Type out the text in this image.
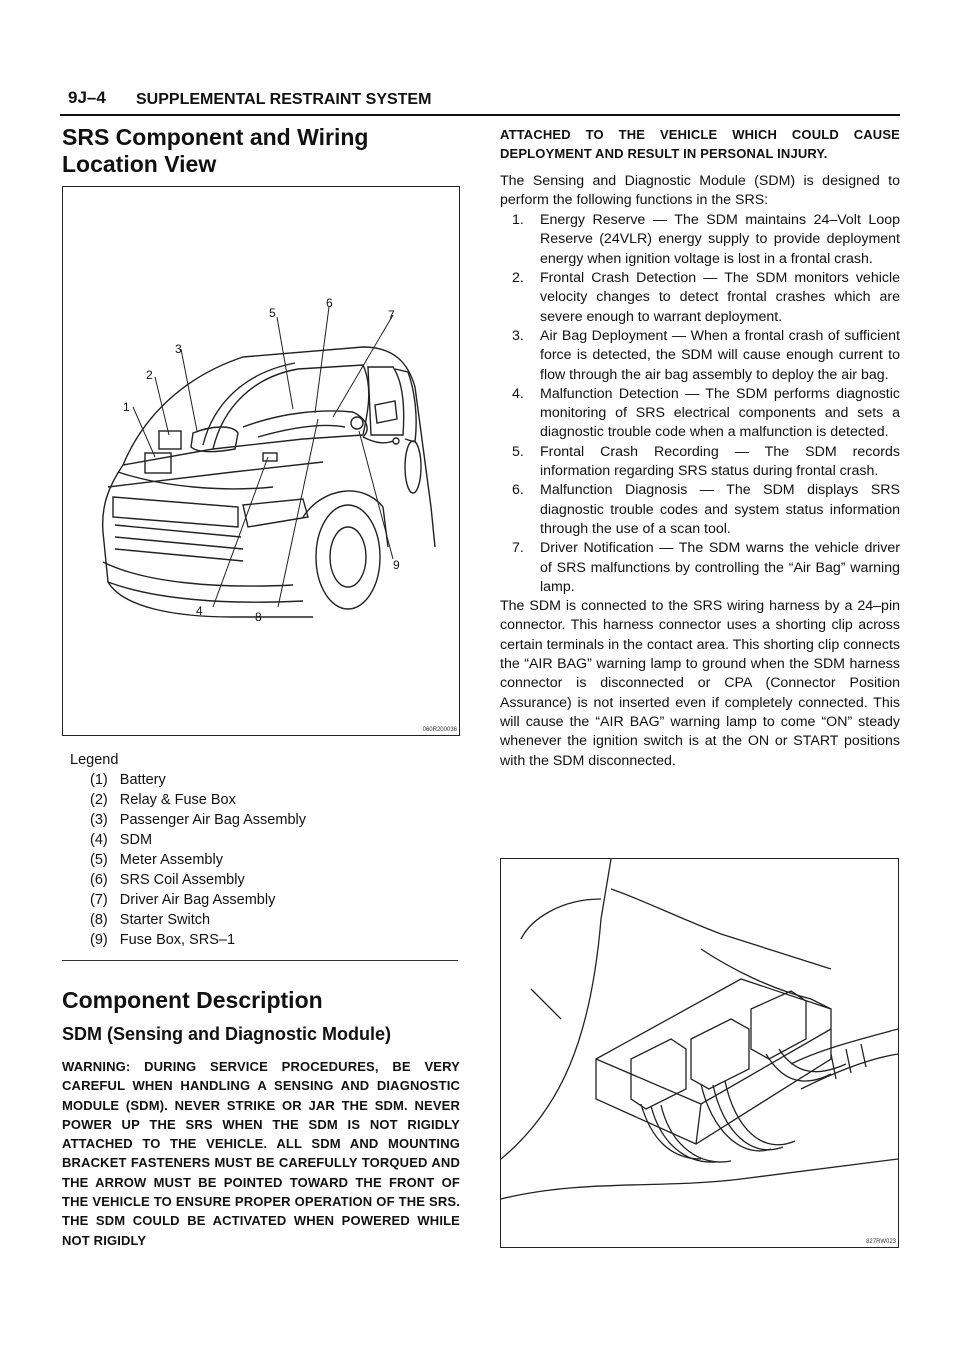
9J–4 SUPPLEMENTAL RESTRAINT SYSTEM
SRS Component and Wiring Location View
1
2
3
4
5
6
7
8
9
060R200036
Legend
(1)   Battery
(2)   Relay & Fuse Box
(3)   Passenger Air Bag Assembly
(4)   SDM
(5)   Meter Assembly
(6)   SRS Coil Assembly
(7)   Driver Air Bag Assembly
(8)   Starter Switch
(9)   Fuse Box, SRS–1
Component Description
SDM (Sensing and Diagnostic Module)
WARNING: DURING SERVICE PROCEDURES, BE VERY CAREFUL WHEN HANDLING A SENSING AND DIAGNOSTIC MODULE (SDM). NEVER STRIKE OR JAR THE SDM. NEVER POWER UP THE SRS WHEN THE SDM IS NOT RIGIDLY ATTACHED TO THE VEHICLE. ALL SDM AND MOUNTING BRACKET FASTENERS MUST BE CAREFULLY TORQUED AND THE ARROW MUST BE POINTED TOWARD THE FRONT OF THE VEHICLE TO ENSURE PROPER OPERATION OF THE SRS. THE SDM COULD BE ACTIVATED WHEN POWERED WHILE NOT RIGIDLY
ATTACHED TO THE VEHICLE WHICH COULD CAUSE DEPLOYMENT AND RESULT IN PERSONAL INJURY.
The Sensing and Diagnostic Module (SDM) is designed to perform the following functions in the SRS:
1. Energy Reserve — The SDM maintains 24–Volt Loop Reserve (24VLR) energy supply to provide deployment energy when ignition voltage is lost in a frontal crash.
2. Frontal Crash Detection — The SDM monitors vehicle velocity changes to detect frontal crashes which are severe enough to warrant deployment.
3. Air Bag Deployment — When a frontal crash of sufficient force is detected, the SDM will cause enough current to flow through the air bag assembly to deploy the air bag.
4. Malfunction Detection — The SDM performs diagnostic monitoring of SRS electrical components and sets a diagnostic trouble code when a malfunction is detected.
5. Frontal Crash Recording — The SDM records information regarding SRS status during frontal crash.
6. Malfunction Diagnosis — The SDM displays SRS diagnostic trouble codes and system status information through the use of a scan tool.
7. Driver Notification — The SDM warns the vehicle driver of SRS malfunctions by controlling the “Air Bag” warning lamp.
The SDM is connected to the SRS wiring harness by a 24–pin connector. This harness connector uses a shorting clip across certain terminals in the contact area. This shorting clip connects the “AIR BAG” warning lamp to ground when the SDM harness connector is disconnected or CPA (Connector Position Assurance) is not inserted even if completely connected. This will cause the “AIR BAG” warning lamp to come “ON” steady whenever the ignition switch is at the ON or START positions with the SDM disconnected.
827RW023
